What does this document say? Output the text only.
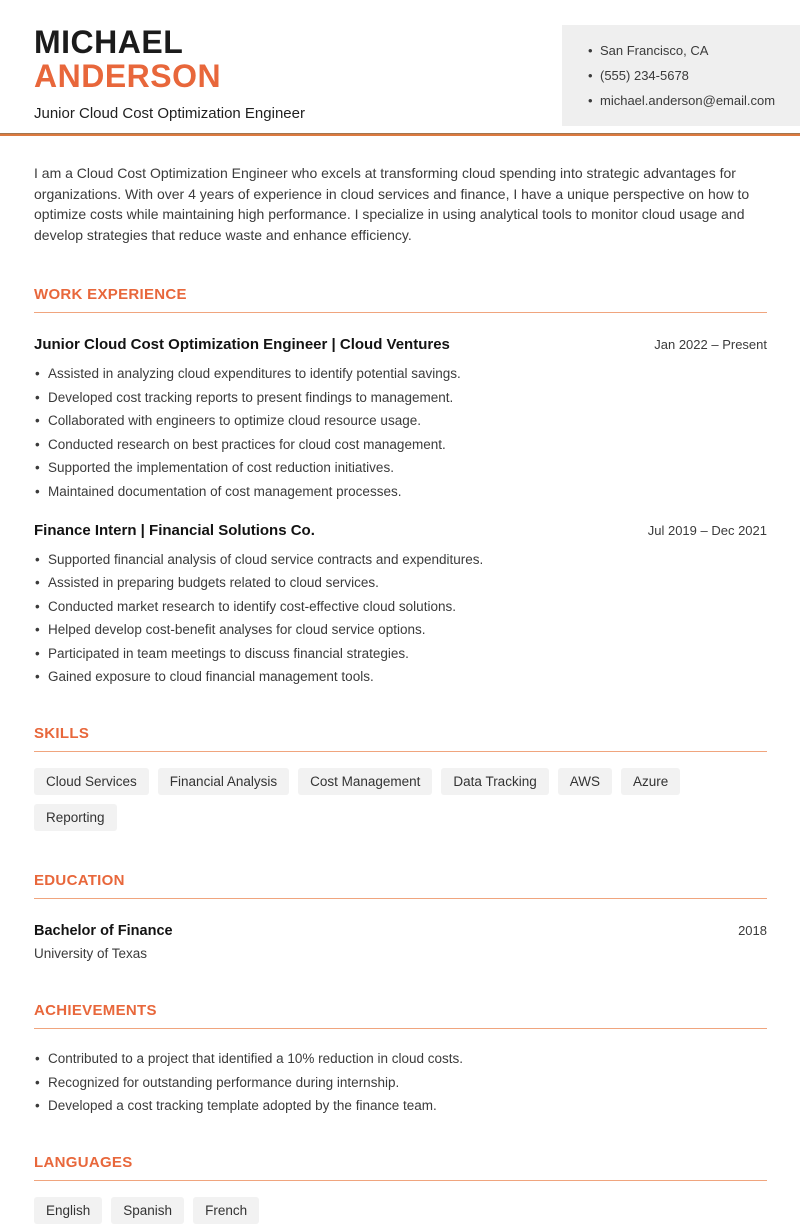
MICHAEL
ANDERSON
Junior Cloud Cost Optimization Engineer
• San Francisco, CA
• (555) 234-5678
• michael.anderson@email.com

I am a Cloud Cost Optimization Engineer who excels at transforming cloud spending into strategic advantages for organizations. With over 4 years of experience in cloud services and finance, I have a unique perspective on how to optimize costs while maintaining high performance. I specialize in using analytical tools to monitor cloud usage and develop strategies that reduce waste and enhance efficiency.

WORK EXPERIENCE
Junior Cloud Cost Optimization Engineer | Cloud Ventures	Jan 2022 – Present
• Assisted in analyzing cloud expenditures to identify potential savings.
• Developed cost tracking reports to present findings to management.
• Collaborated with engineers to optimize cloud resource usage.
• Conducted research on best practices for cloud cost management.
• Supported the implementation of cost reduction initiatives.
• Maintained documentation of cost management processes.
Finance Intern | Financial Solutions Co.	Jul 2019 – Dec 2021
• Supported financial analysis of cloud service contracts and expenditures.
• Assisted in preparing budgets related to cloud services.
• Conducted market research to identify cost-effective cloud solutions.
• Helped develop cost-benefit analyses for cloud service options.
• Participated in team meetings to discuss financial strategies.
• Gained exposure to cloud financial management tools.
SKILLS
Cloud Services	Financial Analysis	Cost Management	Data Tracking	AWS	Azure
Reporting
EDUCATION
Bachelor of Finance	2018
University of Texas
ACHIEVEMENTS
• Contributed to a project that identified a 10% reduction in cloud costs.
• Recognized for outstanding performance during internship.
• Developed a cost tracking template adopted by the finance team.
LANGUAGES
English	Spanish	French
